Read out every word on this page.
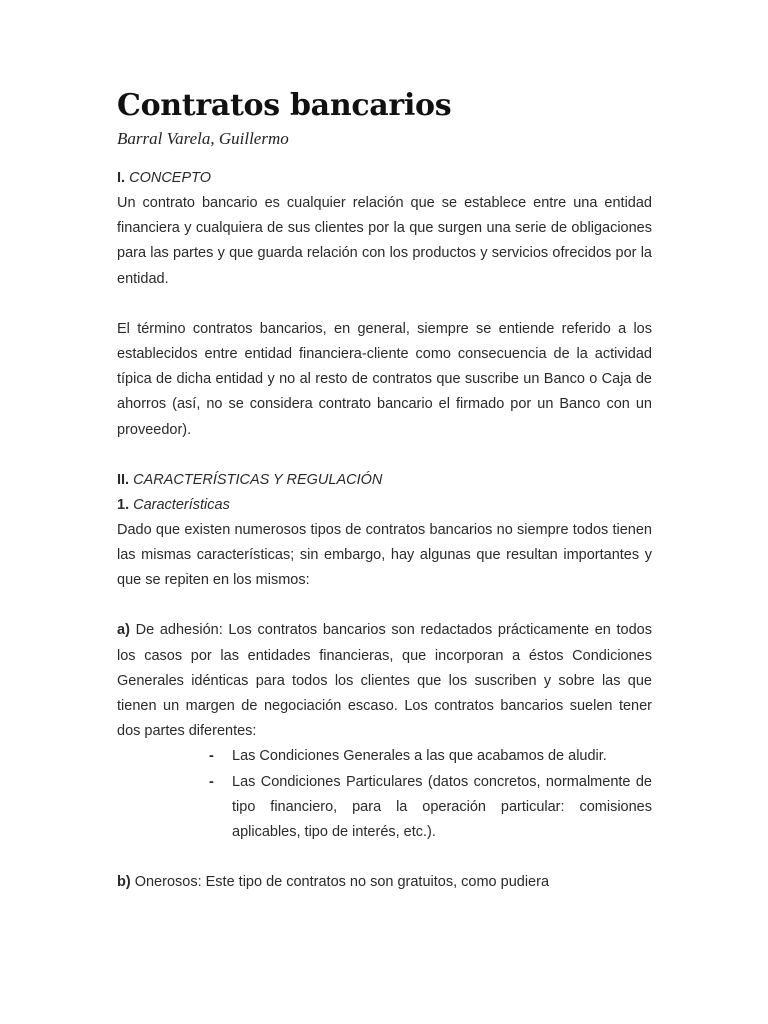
Contratos bancarios
Barral Varela, Guillermo
I. CONCEPTO

Un contrato bancario es cualquier relación que se establece entre una entidad financiera y cualquiera de sus clientes por la que surgen una serie de obligaciones para las partes y que guarda relación con los productos y servicios ofrecidos por la entidad.

El término contratos bancarios, en general, siempre se entiende referido a los establecidos entre entidad financiera-cliente como consecuencia de la actividad típica de dicha entidad y no al resto de contratos que suscribe un Banco o Caja de ahorros (así, no se considera contrato bancario el firmado por un Banco con un proveedor).

II. CARACTERÍSTICAS Y REGULACIÓN
1. Características

Dado que existen numerosos tipos de contratos bancarios no siempre todos tienen las mismas características; sin embargo, hay algunas que resultan importantes y que se repiten en los mismos:

a) De adhesión: Los contratos bancarios son redactados prácticamente en todos los casos por las entidades financieras, que incorporan a éstos Condiciones Generales idénticas para todos los clientes que los suscriben y sobre las que tienen un margen de negociación escaso. Los contratos bancarios suelen tener dos partes diferentes:

- Las Condiciones Generales a las que acabamos de aludir.
- Las Condiciones Particulares (datos concretos, normalmente de tipo financiero, para la operación particular: comisiones aplicables, tipo de interés, etc.).

b) Onerosos: Este tipo de contratos no son gratuitos, como pudiera
